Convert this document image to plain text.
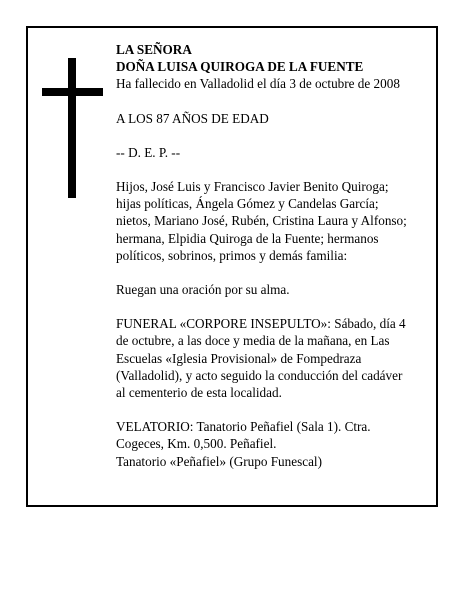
LA SEÑORA
DOÑA LUISA QUIROGA DE LA FUENTE
Ha fallecido en Valladolid el día 3 de octubre de 2008
A LOS 87 AÑOS DE EDAD
-- D. E. P. --
Hijos, José Luis y Francisco Javier Benito Quiroga;
hijas políticas, Ángela Gómez y Candelas García;
nietos, Mariano José, Rubén, Cristina Laura y Alfonso;
hermana, Elpidia Quiroga de la Fuente; hermanos
políticos, sobrinos, primos y demás familia:
Ruegan una oración por su alma.
FUNERAL «CORPORE INSEPULTO»: Sábado, día 4
de octubre, a las doce y media de la mañana, en Las
Escuelas «Iglesia Provisional» de Fompedraza
(Valladolid), y acto seguido la conducción del cadáver
al cementerio de esta localidad.
VELATORIO: Tanatorio Peñafiel (Sala 1). Ctra.
Cogeces, Km. 0,500. Peñafiel.
Tanatorio «Peñafiel» (Grupo Funescal)
